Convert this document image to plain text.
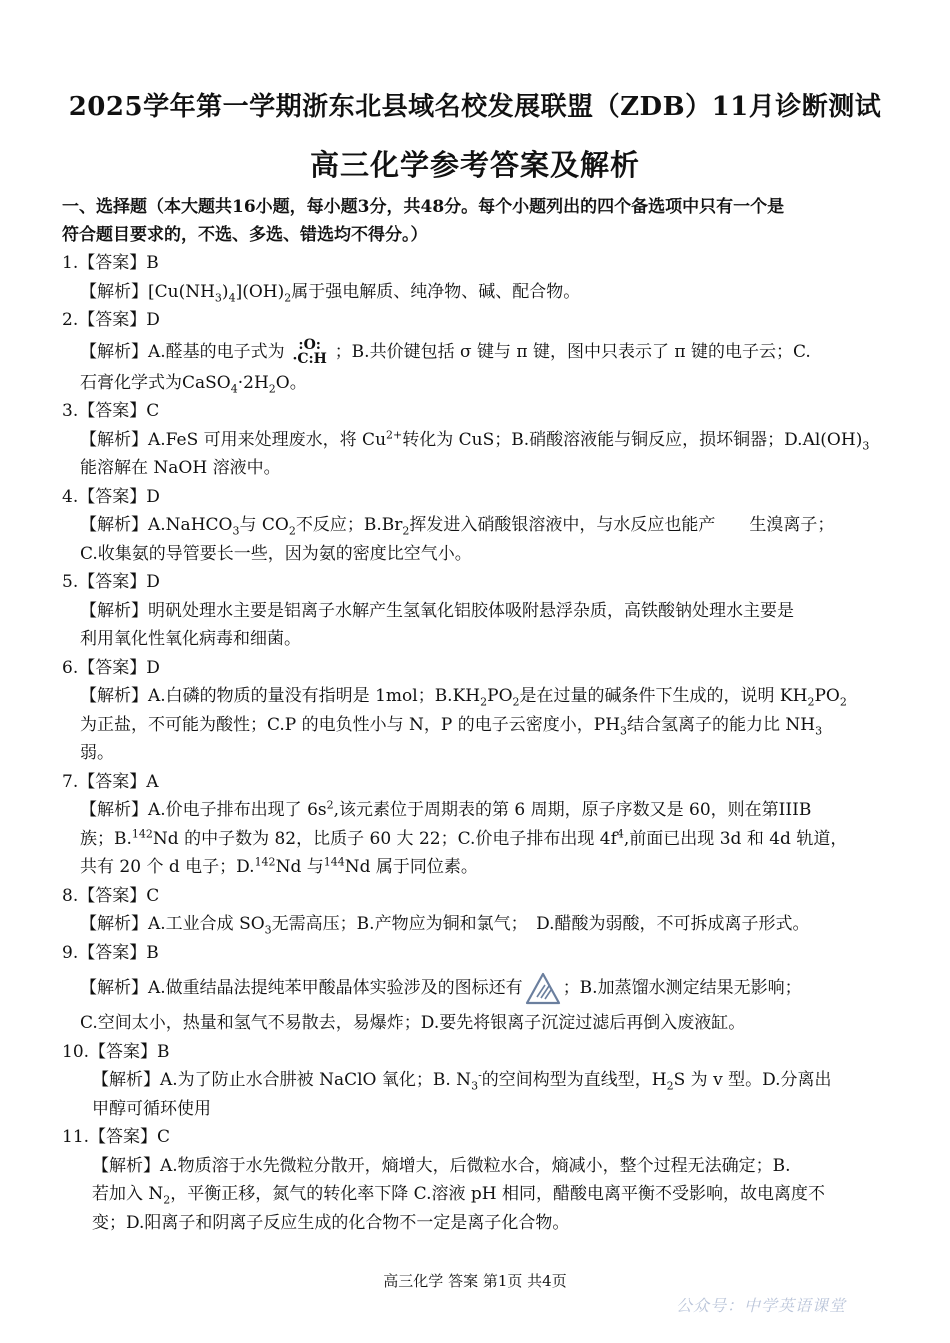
2025学年第一学期浙东北县域名校发展联盟（ZDB）11月诊断测试
高三化学参考答案及解析
一、选择题（本大题共16小题，每小题3分，共48分。每个小题列出的四个备选项中只有一个是
符合题目要求的，不选、多选、错选均不得分。）
1.【答案】B
【解析】$[Cu(NH_3)_4](OH)_2$属于强电解质、纯净物、碱、配合物。
2.【答案】D
【解析】A.醛基的电子式为 :O:
·C:H ；B.共价键包括 σ 键与 π 键，图中只表示了 π 键的电子云；C.
石膏化学式为$CaSO_4\cdot 2H_2O$。
3.【答案】C
【解析】A.FeS 可用来处理废水，将 $Cu^{2+}$转化为 CuS；B.硝酸溶液能与铜反应，损坏铜器；$D.Al(OH)_3$
能溶解在 NaOH 溶液中。
4.【答案】D
【解析】A.NaHCO$_3$与 $CO_2$不反应；$B.Br_2$挥发进入硝酸银溶液中，与水反应也能产　　生溴离子；
C.收集氨的导管要长一些，因为氨的密度比空气小。
5.【答案】D
【解析】明矾处理水主要是铝离子水解产生氢氧化铝胶体吸附悬浮杂质，高铁酸钠处理水主要是
利用氧化性氧化病毒和细菌。
6.【答案】D
【解析】A.白磷的物质的量没有指明是 1mol；$B.KH_2PO_2$是在过量的碱条件下生成的，说明 $KH_2PO_2$
为正盐，不可能为酸性；C.P 的电负性小与 N，P 的电子云密度小，$PH_3$结合氢离子的能力比 $NH_3$
弱。
7.【答案】A
【解析】A.价电子排布出现了 $6s^2$,该元素位于周期表的第 6 周期，原子序数又是 60，则在第IIIB
族；B.$^{142}$Nd 的中子数为 82，比质子 60 大 22；C.价电子排布出现 $4f^4$,前面已出现 3d 和 4d 轨道，
共有 20 个 d 电子；D.$^{142}$Nd 与$^{144}$Nd 属于同位素。
8.【答案】C
【解析】A.工业合成 $SO_3$无需高压；B.产物应为铜和氯气；　D.醋酸为弱酸，不可拆成离子形式。
9.【答案】B
【解析】A.做重结晶法提纯苯甲酸晶体实验涉及的图标还有 ；B.加蒸馏水测定结果无影响；
C.空间太小，热量和氢气不易散去，易爆炸；D.要先将银离子沉淀过滤后再倒入废液缸。
10.【答案】B
【解析】A.为了防止水合肼被 NaClO 氧化；B. $N_3^-$的空间构型为直线型，$H_2S$ 为 v 型。D.分离出
甲醇可循环使用
11.【答案】C
【解析】A.物质溶于水先微粒分散开，熵增大，后微粒水合，熵减小，整个过程无法确定；B.
若加入 $N_2$，平衡正移，氮气的转化率下降 C.溶液 pH 相同，醋酸电离平衡不受影响，故电离度不
变；D.阳离子和阴离子反应生成的化合物不一定是离子化合物。
高三化学 答案 第1页 共4页
公众号：中学英语课堂
